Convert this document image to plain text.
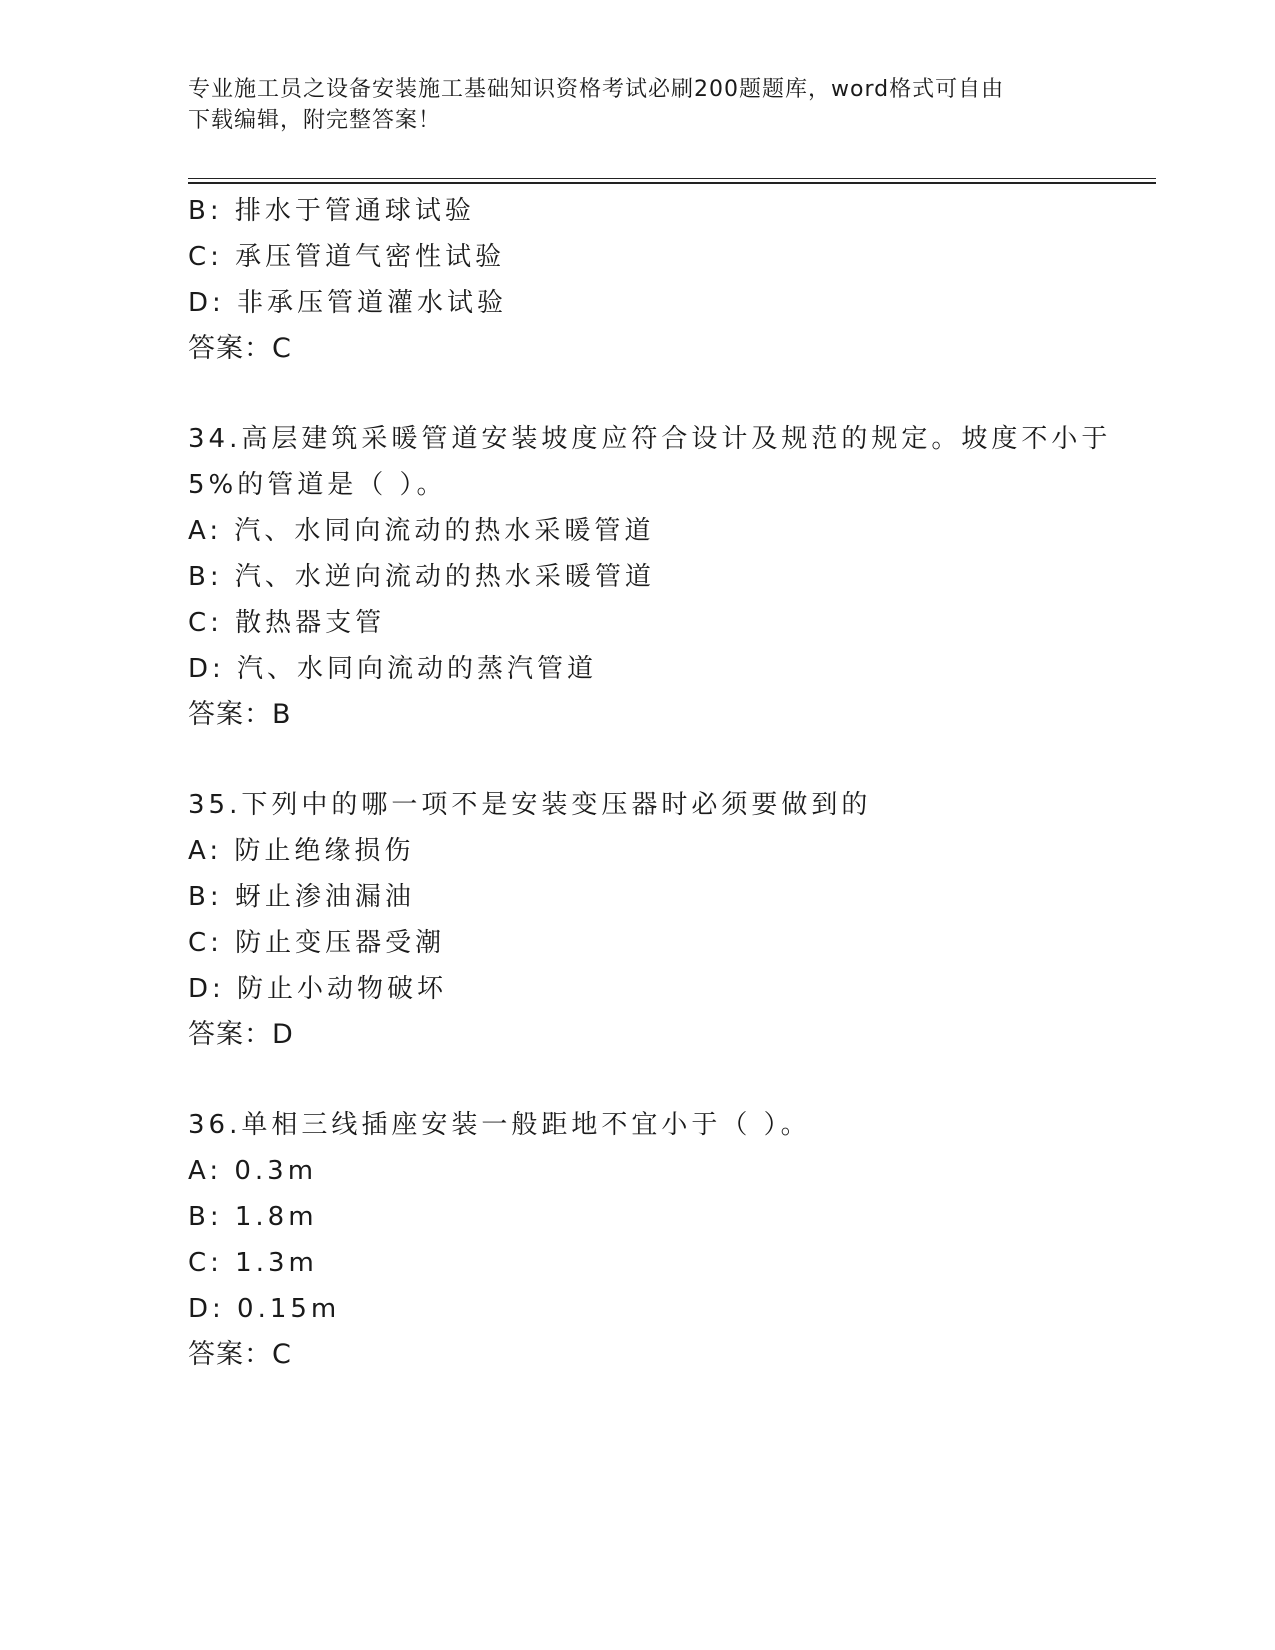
专业施工员之设备安装施工基础知识资格考试必刷200题题库，word格式可自由
下载编辑，附完整答案！
B: 排水于管通球试验
C: 承压管道气密性试验
D: 非承压管道灌水试验
答案：C
34.高层建筑采暖管道安装坡度应符合设计及规范的规定。坡度不小于
5%的管道是（ ）。
A: 汽、水同向流动的热水采暖管道
B: 汽、水逆向流动的热水采暖管道
C: 散热器支管
D: 汽、水同向流动的蒸汽管道
答案：B
35.下列中的哪一项不是安装变压器时必须要做到的
A: 防止绝缘损伤
B: 蚜止渗油漏油
C: 防止变压器受潮
D: 防止小动物破坏
答案：D
36.单相三线插座安装一般距地不宜小于（ ）。
A: 0.3m
B: 1.8m
C: 1.3m
D: 0.15m
答案：C
